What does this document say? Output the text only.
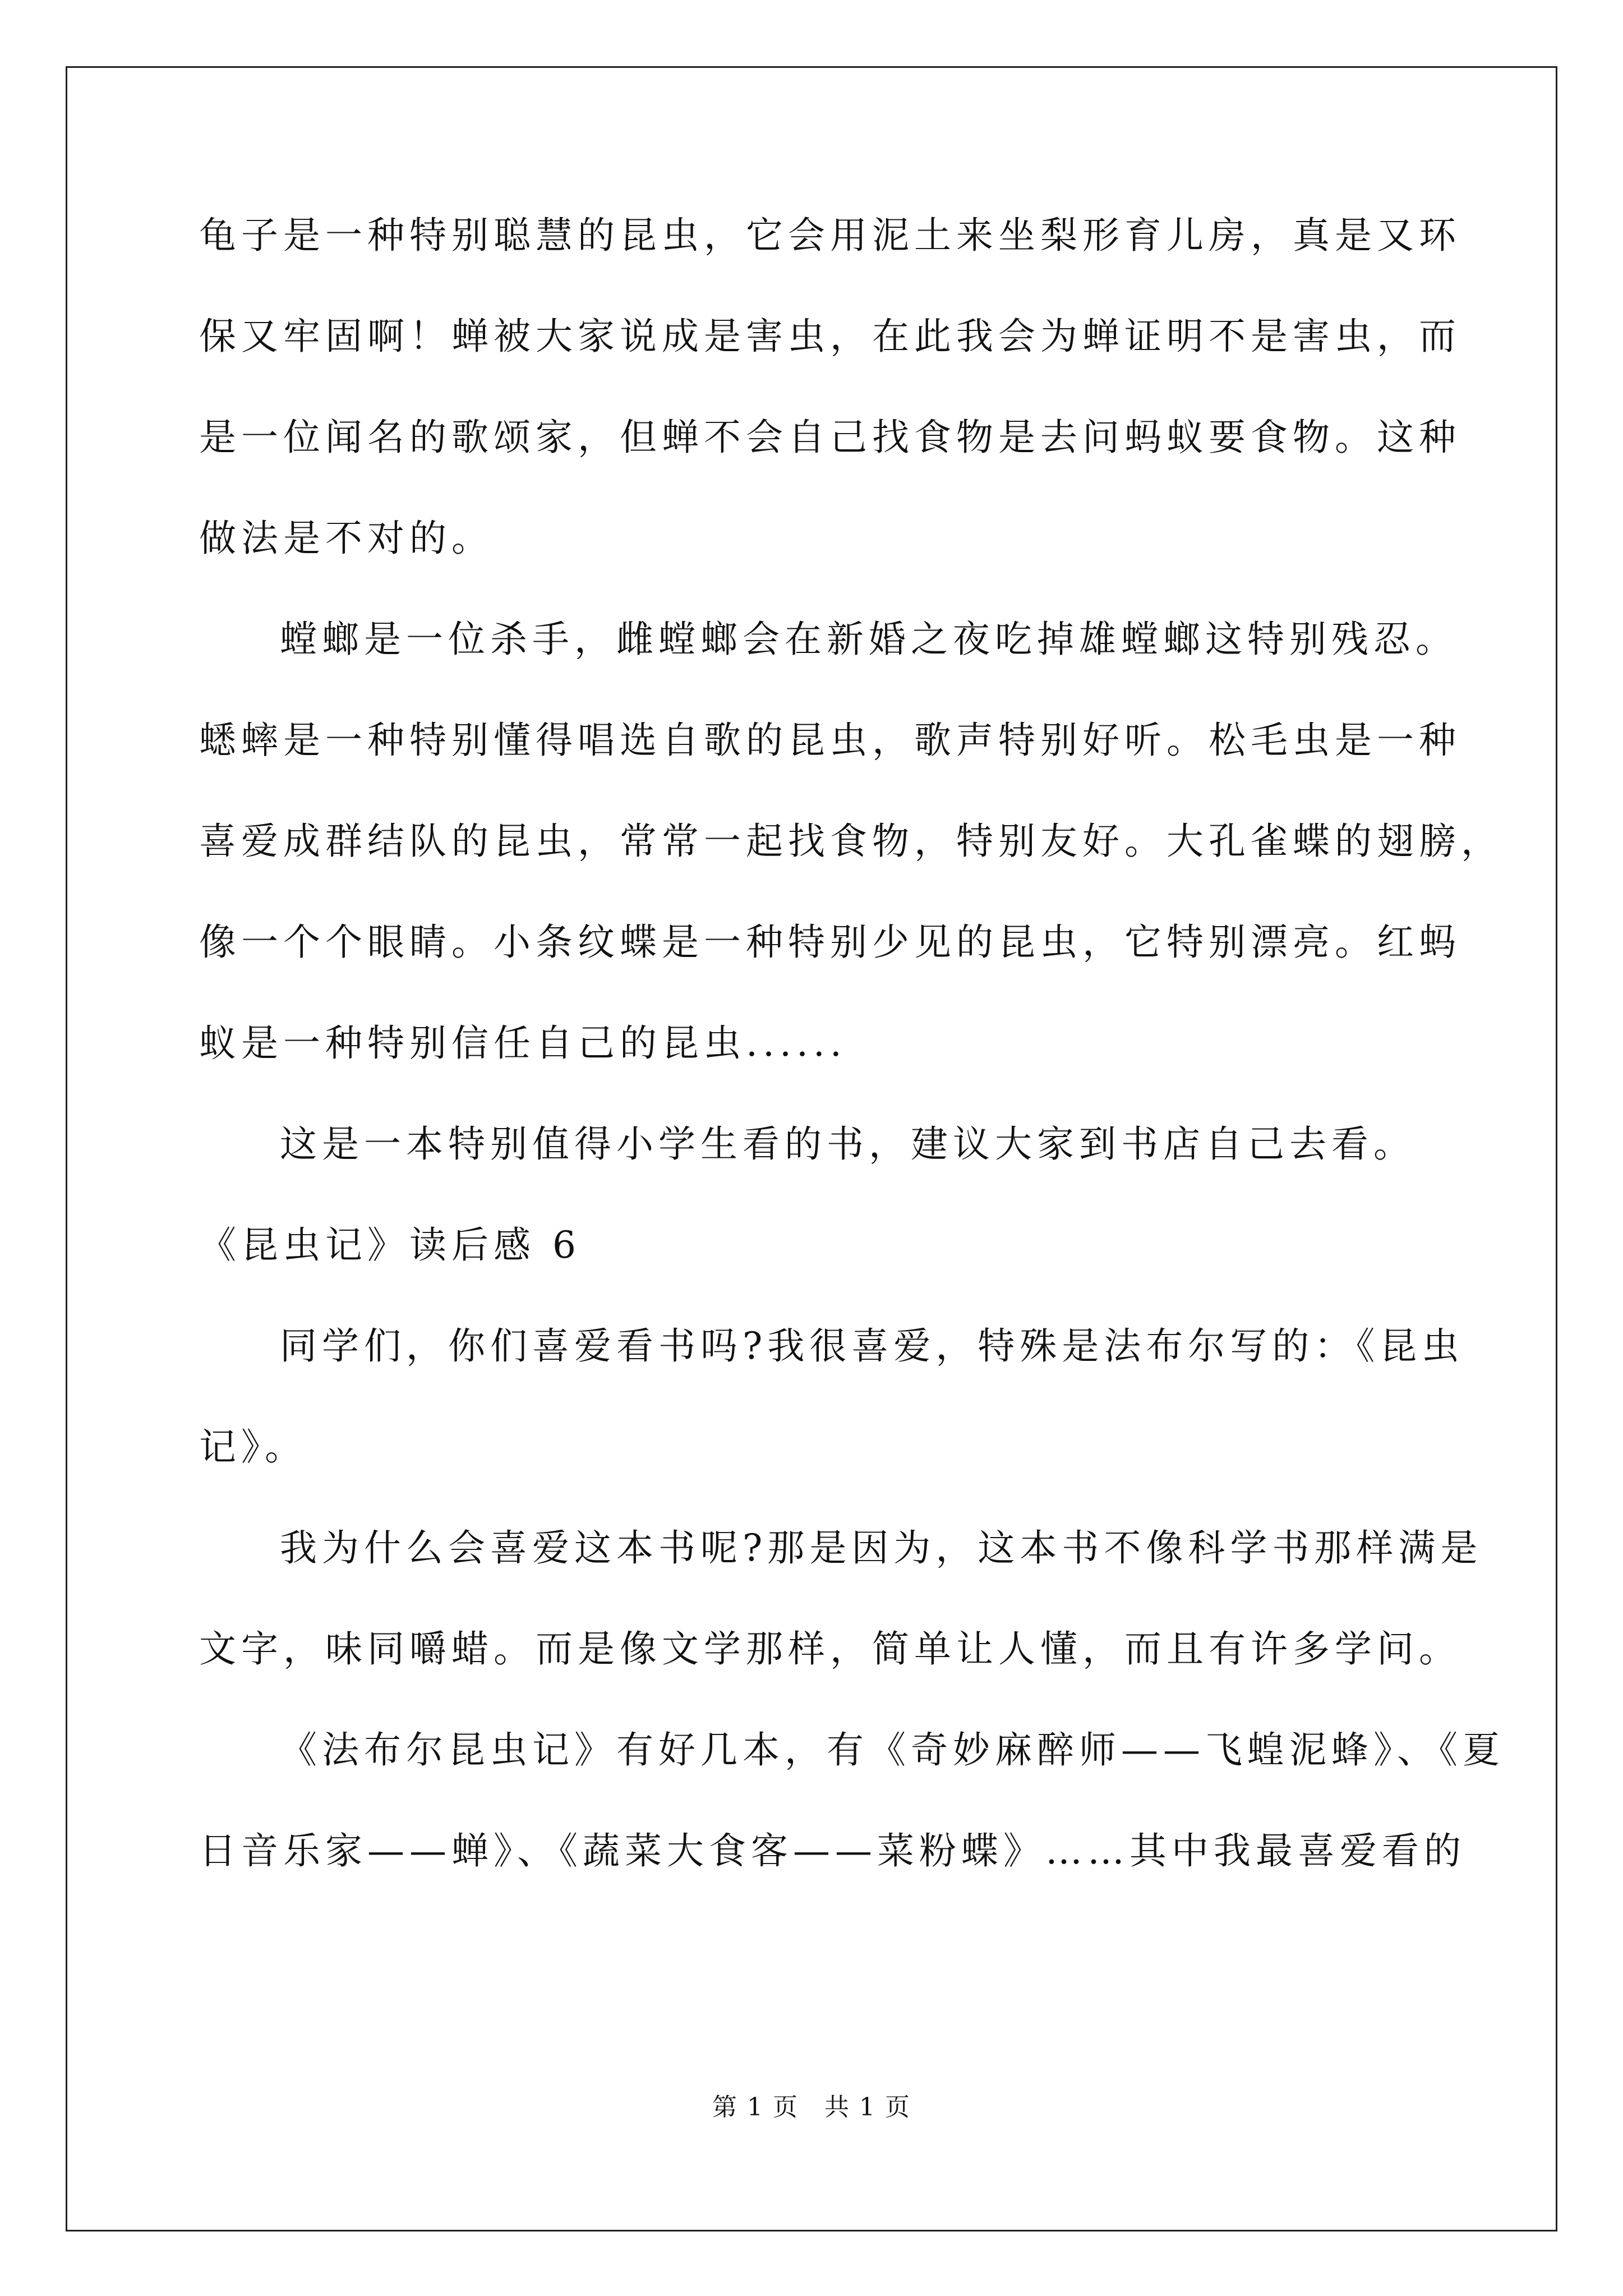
龟子是一种特别聪慧的昆虫，它会用泥土来坐梨形育儿房，真是又环
保又牢固啊！蝉被大家说成是害虫，在此我会为蝉证明不是害虫，而
是一位闻名的歌颂家，但蝉不会自己找食物是去问蚂蚁要食物。这种
做法是不对的。
螳螂是一位杀手，雌螳螂会在新婚之夜吃掉雄螳螂这特别残忍。
蟋蟀是一种特别懂得唱选自歌的昆虫，歌声特别好听。松毛虫是一种
喜爱成群结队的昆虫，常常一起找食物，特别友好。大孔雀蝶的翅膀，
像一个个眼睛。小条纹蝶是一种特别少见的昆虫，它特别漂亮。红蚂
蚁是一种特别信任自己的昆虫......
这是一本特别值得小学生看的书，建议大家到书店自己去看。
《昆虫记》读后感 6
同学们，你们喜爱看书吗?我很喜爱，特殊是法布尔写的：《昆虫
记》。
我为什么会喜爱这本书呢?那是因为，这本书不像科学书那样满是
文字，味同嚼蜡。而是像文学那样，简单让人懂，而且有许多学问。
《法布尔昆虫记》有好几本，有《奇妙麻醉师——飞蝗泥蜂》、《夏
日音乐家——蝉》、《蔬菜大食客——菜粉蝶》……其中我最喜爱看的
第 1 页　共 1 页
